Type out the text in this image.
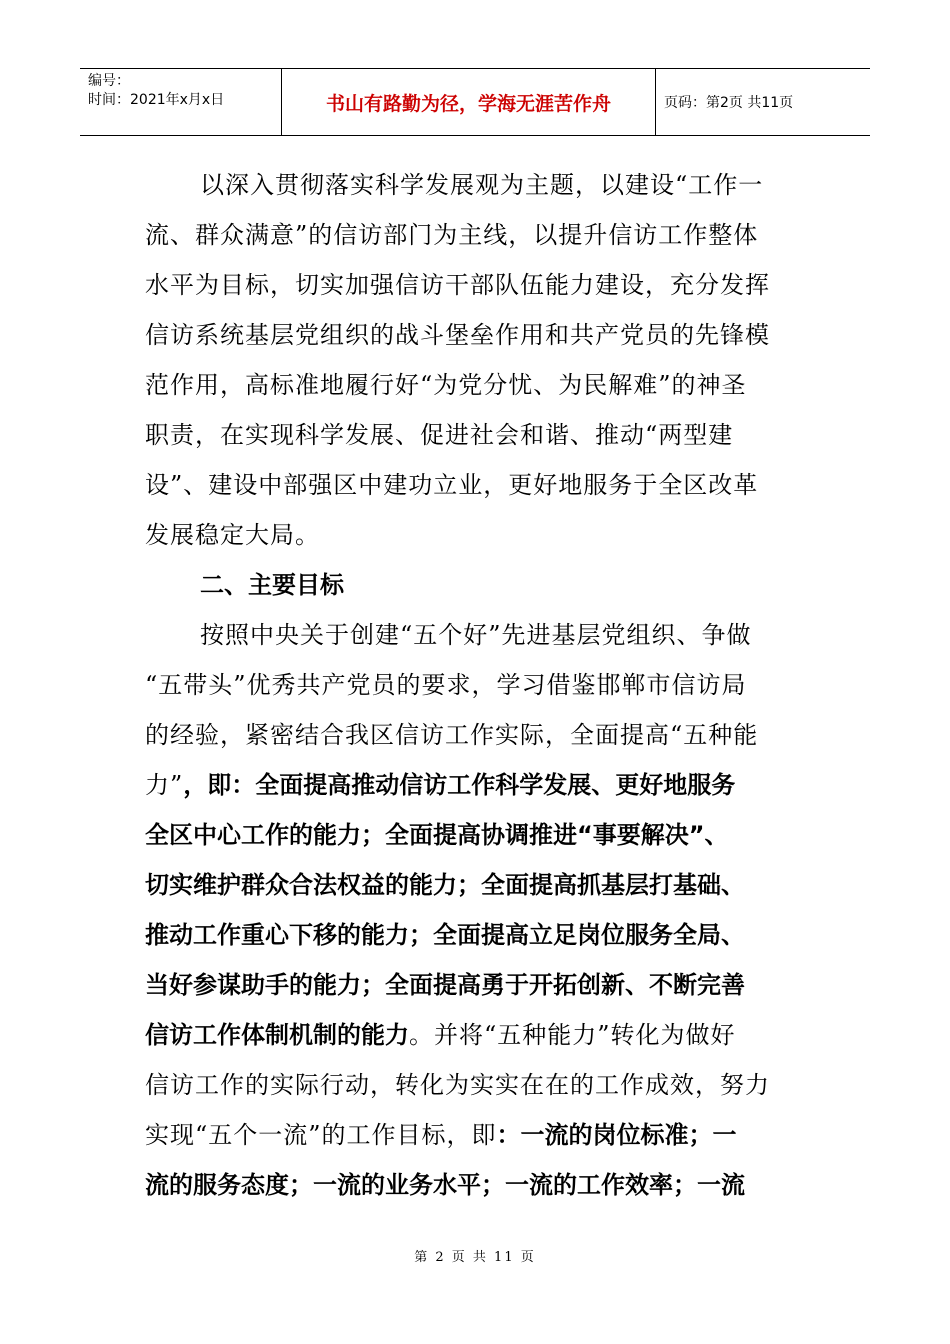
编号：
时间：2021年x月x日	书山有路勤为径，学海无涯苦作舟	页码：第2页 共11页
以深入贯彻落实科学发展观为主题，以建设“工作一
流、群众满意”的信访部门为主线，以提升信访工作整体
水平为目标，切实加强信访干部队伍能力建设，充分发挥
信访系统基层党组织的战斗堡垒作用和共产党员的先锋模
范作用，高标准地履行好“为党分忧、为民解难”的神圣
职责，在实现科学发展、促进社会和谐、推动“两型建
设”、建设中部强区中建功立业，更好地服务于全区改革
发展稳定大局。
二、主要目标
按照中央关于创建“五个好”先进基层党组织、争做
“五带头”优秀共产党员的要求，学习借鉴邯郸市信访局
的经验，紧密结合我区信访工作实际，全面提高“五种能
力”，即：全面提高推动信访工作科学发展、更好地服务
全区中心工作的能力；全面提高协调推进“事要解决”、
切实维护群众合法权益的能力；全面提高抓基层打基础、
推动工作重心下移的能力；全面提高立足岗位服务全局、
当好参谋助手的能力；全面提高勇于开拓创新、不断完善
信访工作体制机制的能力。并将“五种能力”转化为做好
信访工作的实际行动，转化为实实在在的工作成效，努力
实现“五个一流”的工作目标，即：一流的岗位标准；一
流的服务态度；一流的业务水平；一流的工作效率；一流
第 2 页 共 11 页
